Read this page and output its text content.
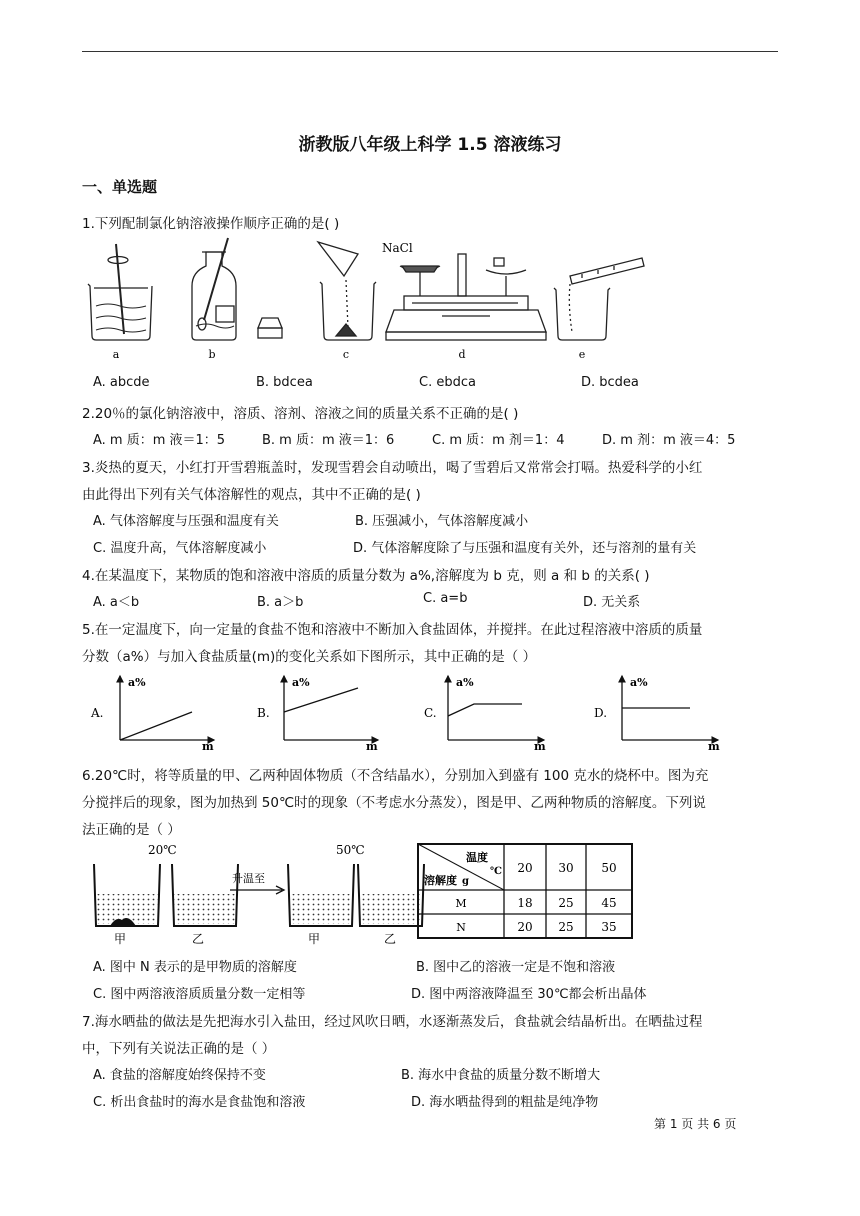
浙教版八年级上科学 1.5 溶液练习
一、单选题
1.下列配制氯化钠溶液操作顺序正确的是( )
a	b	c
NaCl
d	e
A. abcde	B. bdcea	C. ebdca	D. bcdea
2.20％的氯化钠溶液中，溶质、溶剂、溶液之间的质量关系不正确的是( )
A. m 质：m 液＝1：5	B. m 质：m 液＝1：6	C. m 质：m 剂＝1：4	D. m 剂：m 液＝4：5
3.炎热的夏天，小红打开雪碧瓶盖时，发现雪碧会自动喷出，喝了雪碧后又常常会打嗝。热爱科学的小红
由此得出下列有关气体溶解性的观点，其中不正确的是( )
A. 气体溶解度与压强和温度有关	B. 压强减小，气体溶解度减小
C. 温度升高，气体溶解度减小	D. 气体溶解度除了与压强和温度有关外，还与溶剂的量有关
4.在某温度下，某物质的饱和溶液中溶质的质量分数为 a%,溶解度为 b 克，则 a 和 b 的关系( )
A. a＜b	B. a＞b	C. a=b	D. 无关系
5.在一定温度下，向一定量的食盐不饱和溶液中不断加入食盐固体，并搅拌。在此过程溶液中溶质的质量
分数（a%）与加入食盐质量(m)的变化关系如下图所示，其中正确的是（ ）
A.
a%
m
B.
a%
m
C.
a%
m
D.
a%
m
6.20℃时，将等质量的甲、乙两种固体物质（不含结晶水），分别加入到盛有 100 克水的烧杯中。图为充
分搅拌后的现象，图为加热到 50℃时的现象（不考虑水分蒸发），图是甲、乙两种物质的溶解度。下列说
法正确的是（ ）
20℃	50℃
甲	乙
升温至
甲	乙
温度
℃
溶解度 g
20 30 50
M	18 25 45
N	20 25 35
A. 图中 N 表示的是甲物质的溶解度	B. 图中乙的溶液一定是不饱和溶液
C. 图中两溶液溶质质量分数一定相等	D. 图中两溶液降温至 30℃都会析出晶体
7.海水晒盐的做法是先把海水引入盐田，经过风吹日晒，水逐渐蒸发后，食盐就会结晶析出。在晒盐过程
中，下列有关说法正确的是（ ）
A. 食盐的溶解度始终保持不变	B. 海水中食盐的质量分数不断增大
C. 析出食盐时的海水是食盐饱和溶液	D. 海水晒盐得到的粗盐是纯净物
第 1 页 共 6 页
